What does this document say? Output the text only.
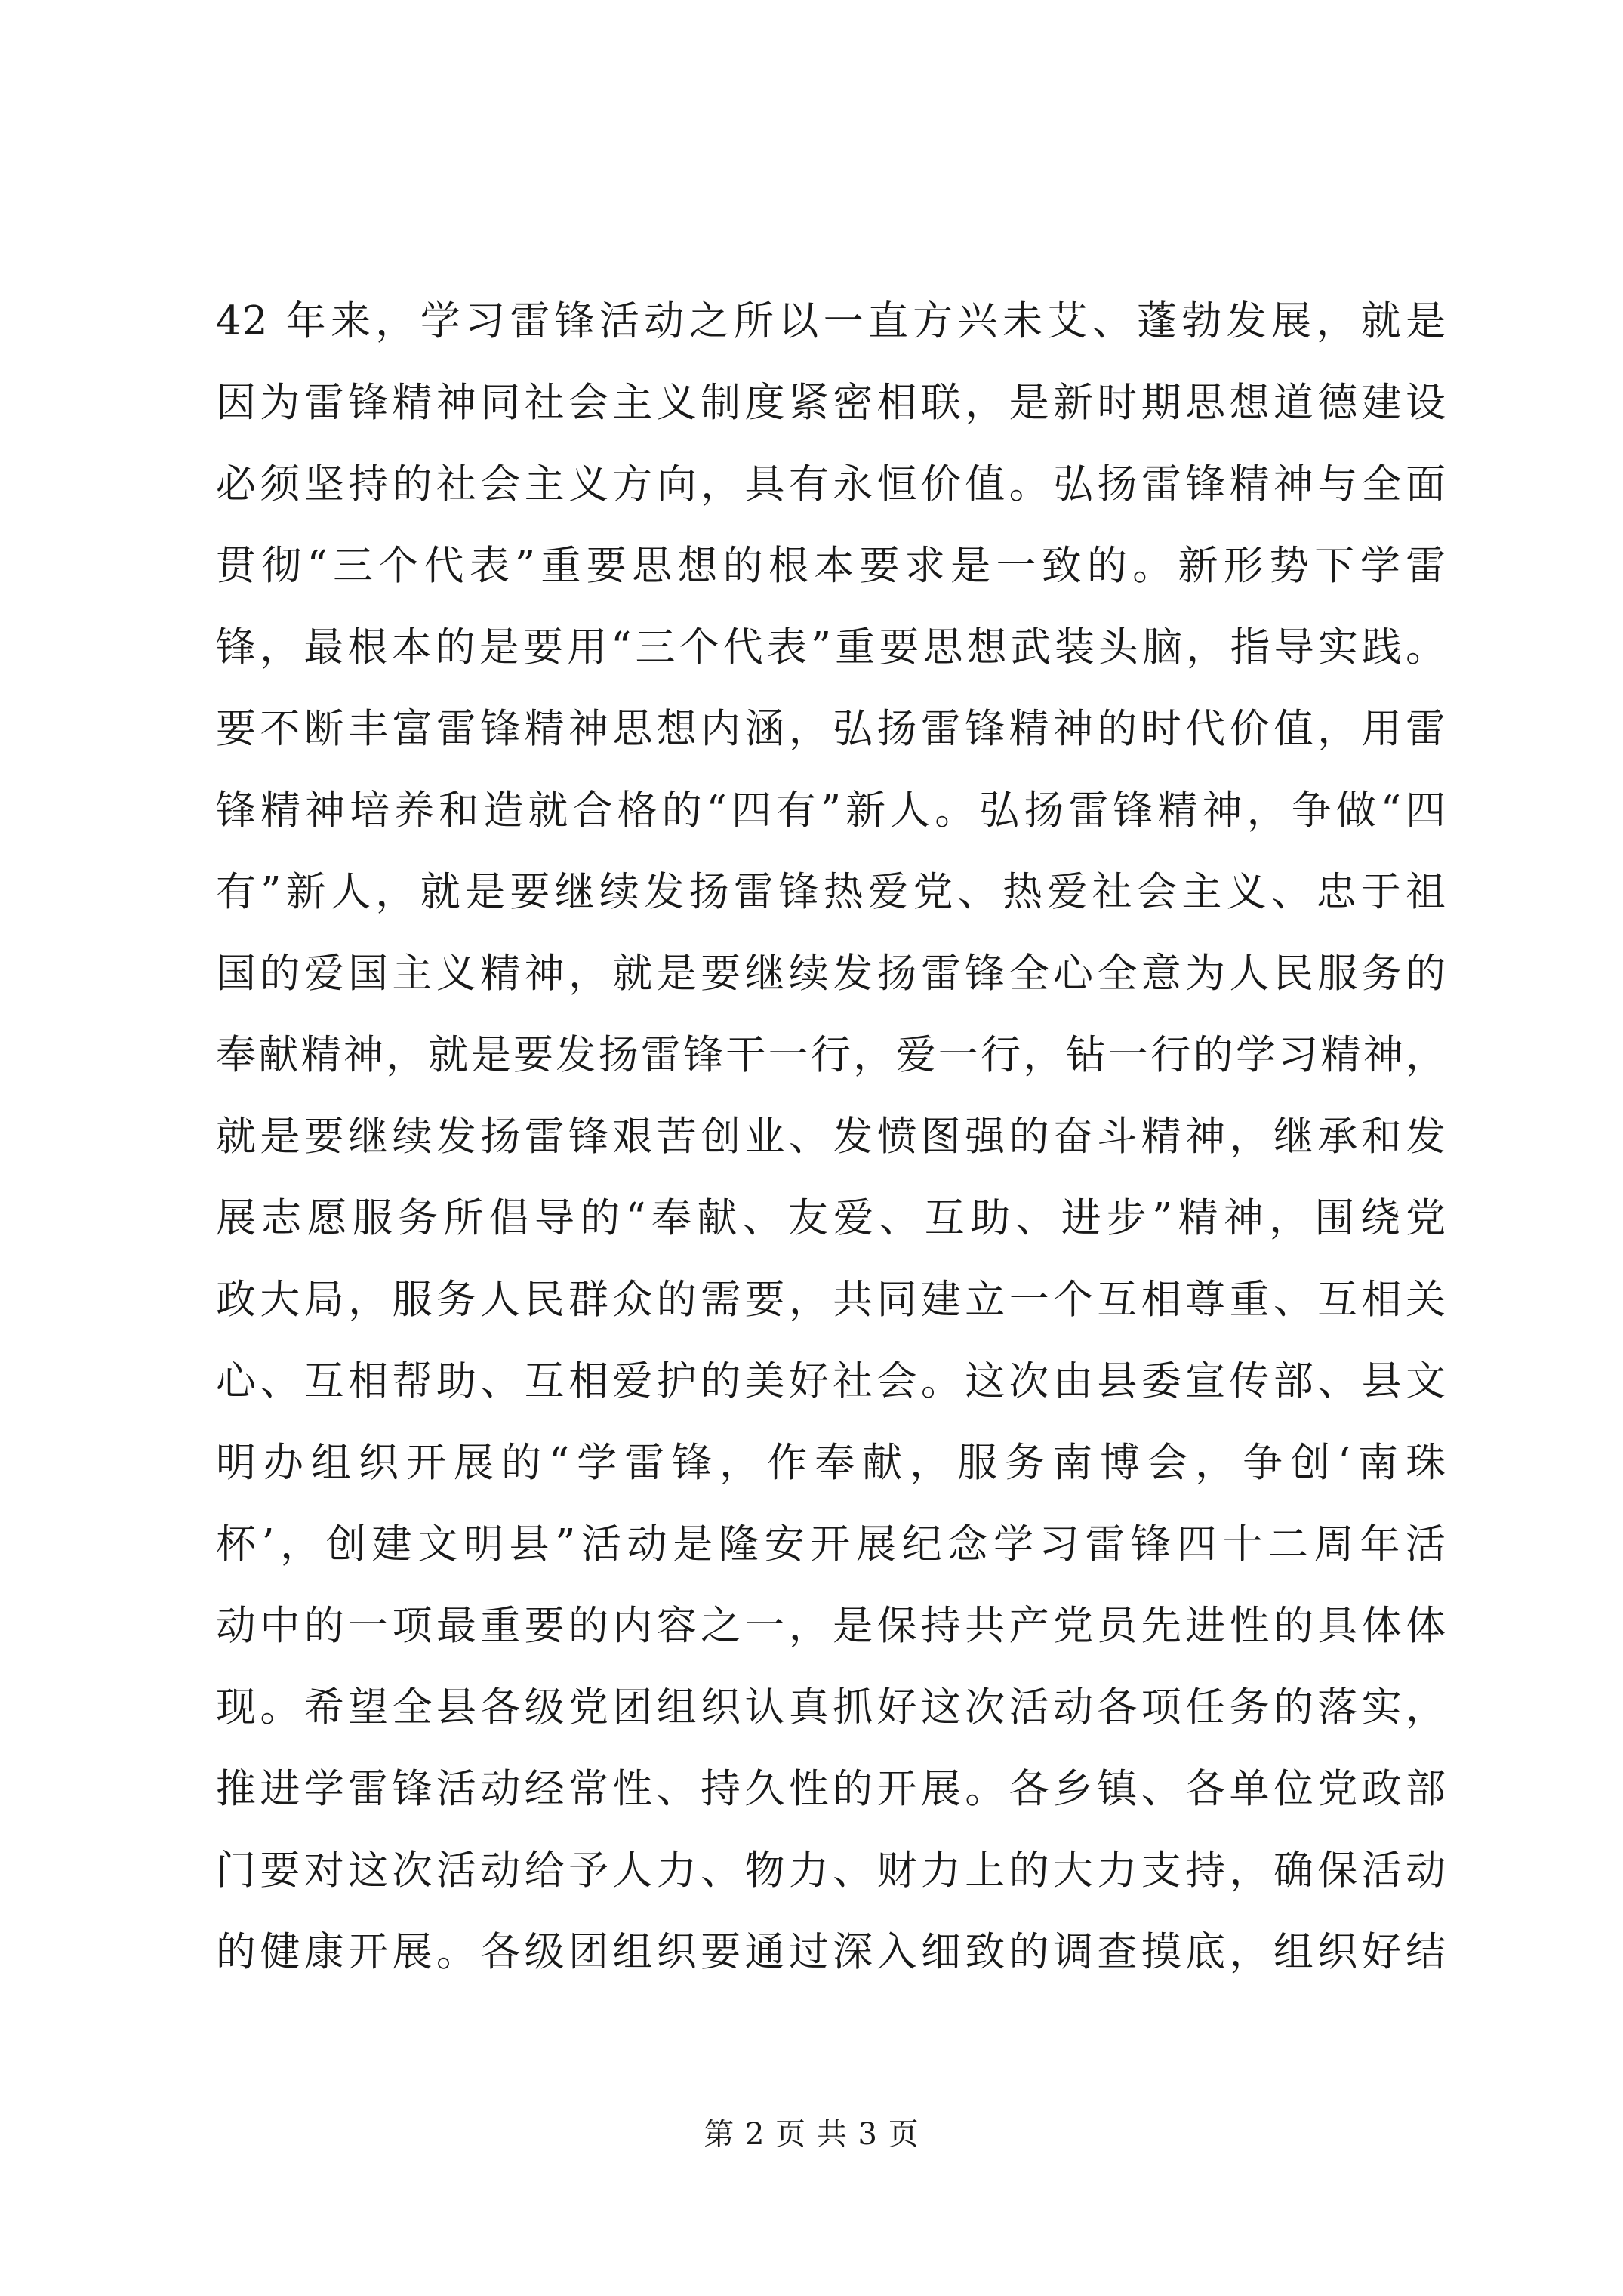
42 年来，学习雷锋活动之所以一直方兴未艾、蓬勃发展，就是
因为雷锋精神同社会主义制度紧密相联，是新时期思想道德建设
必须坚持的社会主义方向，具有永恒价值。弘扬雷锋精神与全面
贯彻“三个代表”重要思想的根本要求是一致的。新形势下学雷
锋，最根本的是要用“三个代表”重要思想武装头脑，指导实践。
要不断丰富雷锋精神思想内涵，弘扬雷锋精神的时代价值，用雷
锋精神培养和造就合格的“四有”新人。弘扬雷锋精神，争做“四
有”新人，就是要继续发扬雷锋热爱党、热爱社会主义、忠于祖
国的爱国主义精神，就是要继续发扬雷锋全心全意为人民服务的
奉献精神，就是要发扬雷锋干一行，爱一行，钻一行的学习精神，
就是要继续发扬雷锋艰苦创业、发愤图强的奋斗精神，继承和发
展志愿服务所倡导的“奉献、友爱、互助、进步”精神，围绕党
政大局，服务人民群众的需要，共同建立一个互相尊重、互相关
心、互相帮助、互相爱护的美好社会。这次由县委宣传部、县文
明办组织开展的“学雷锋，作奉献，服务南博会，争创‘南珠
杯’，创建文明县”活动是隆安开展纪念学习雷锋四十二周年活
动中的一项最重要的内容之一，是保持共产党员先进性的具体体
现。希望全县各级党团组织认真抓好这次活动各项任务的落实，
推进学雷锋活动经常性、持久性的开展。各乡镇、各单位党政部
门要对这次活动给予人力、物力、财力上的大力支持，确保活动
的健康开展。各级团组织要通过深入细致的调查摸底，组织好结
第 2 页 共 3 页
